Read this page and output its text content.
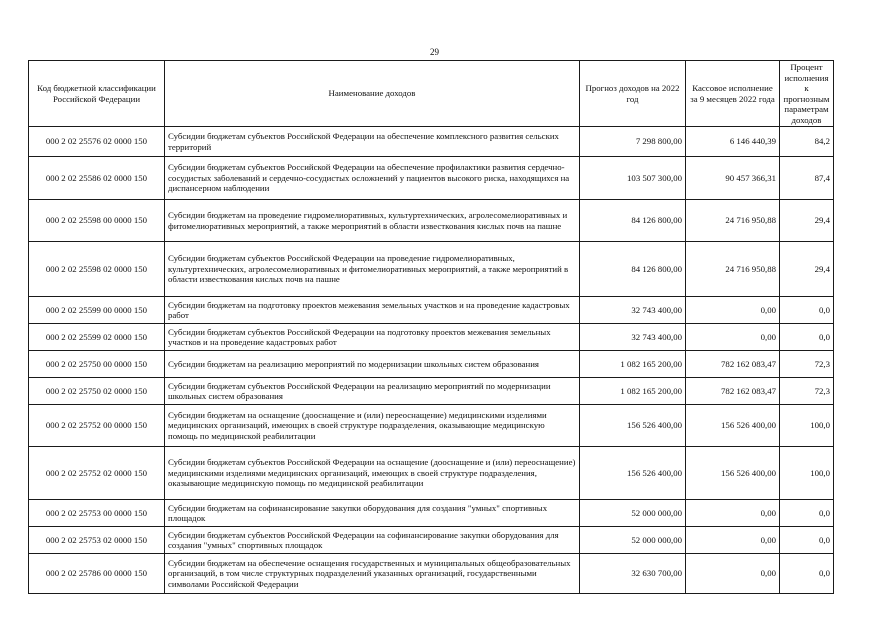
29
Код бюджетной классификации Российской Федерации	Наименование доходов	Прогноз доходов на 2022 год	Кассовое исполнение за 9 месяцев 2022 года	Процент исполнения к прогнозным параметрам доходов
000 2 02 25576 02 0000 150	Субсидии бюджетам субъектов Российской Федерации на обеспечение комплексного развития сельских территорий	7 298 800,00	6 146 440,39	84,2
000 2 02 25586 02 0000 150	Субсидии бюджетам субъектов Российской Федерации на обеспечение профилактики развития сердечно-сосудистых заболеваний и сердечно-сосудистых осложнений у пациентов высокого риска, находящихся на диспансерном наблюдении	103 507 300,00	90 457 366,31	87,4
000 2 02 25598 00 0000 150	Субсидии бюджетам на проведение гидромелиоративных, культуртехнических, агролесомелиоративных и фитомелиоративных мероприятий, а также мероприятий в области известкования кислых почв на пашне	84 126 800,00	24 716 950,88	29,4
000 2 02 25598 02 0000 150	Субсидии бюджетам субъектов Российской Федерации на проведение гидромелиоративных, культуртехнических, агролесомелиоративных и фитомелиоративных мероприятий, а также мероприятий в области известкования кислых почв на пашне	84 126 800,00	24 716 950,88	29,4
000 2 02 25599 00 0000 150	Субсидии бюджетам на подготовку проектов межевания земельных участков и на проведение кадастровых работ	32 743 400,00	0,00	0,0
000 2 02 25599 02 0000 150	Субсидии бюджетам субъектов Российской Федерации на подготовку проектов межевания земельных участков и на проведение кадастровых работ	32 743 400,00	0,00	0,0
000 2 02 25750 00 0000 150	Субсидии бюджетам на реализацию мероприятий по модернизации школьных систем образования	1 082 165 200,00	782 162 083,47	72,3
000 2 02 25750 02 0000 150	Субсидии бюджетам субъектов Российской Федерации на реализацию мероприятий по модернизации школьных систем образования	1 082 165 200,00	782 162 083,47	72,3
000 2 02 25752 00 0000 150	Субсидии бюджетам на оснащение (дооснащение и (или) переоснащение) медицинскими изделиями медицинских организаций, имеющих в своей структуре подразделения, оказывающие медицинскую помощь по медицинской реабилитации	156 526 400,00	156 526 400,00	100,0
000 2 02 25752 02 0000 150	Субсидии бюджетам субъектов Российской Федерации на оснащение (дооснащение и (или) переоснащение) медицинскими изделиями медицинских организаций, имеющих в своей структуре подразделения, оказывающие медицинскую помощь по медицинской реабилитации	156 526 400,00	156 526 400,00	100,0
000 2 02 25753 00 0000 150	Субсидии бюджетам на софинансирование закупки оборудования для создания "умных" спортивных площадок	52 000 000,00	0,00	0,0
000 2 02 25753 02 0000 150	Субсидии бюджетам субъектов Российской Федерации на софинансирование закупки оборудования для создания "умных" спортивных площадок	52 000 000,00	0,00	0,0
000 2 02 25786 00 0000 150	Субсидии бюджетам на обеспечение оснащения государственных и муниципальных общеобразовательных организаций, в том числе структурных подразделений указанных организаций, государственными символами Российской Федерации	32 630 700,00	0,00	0,0
